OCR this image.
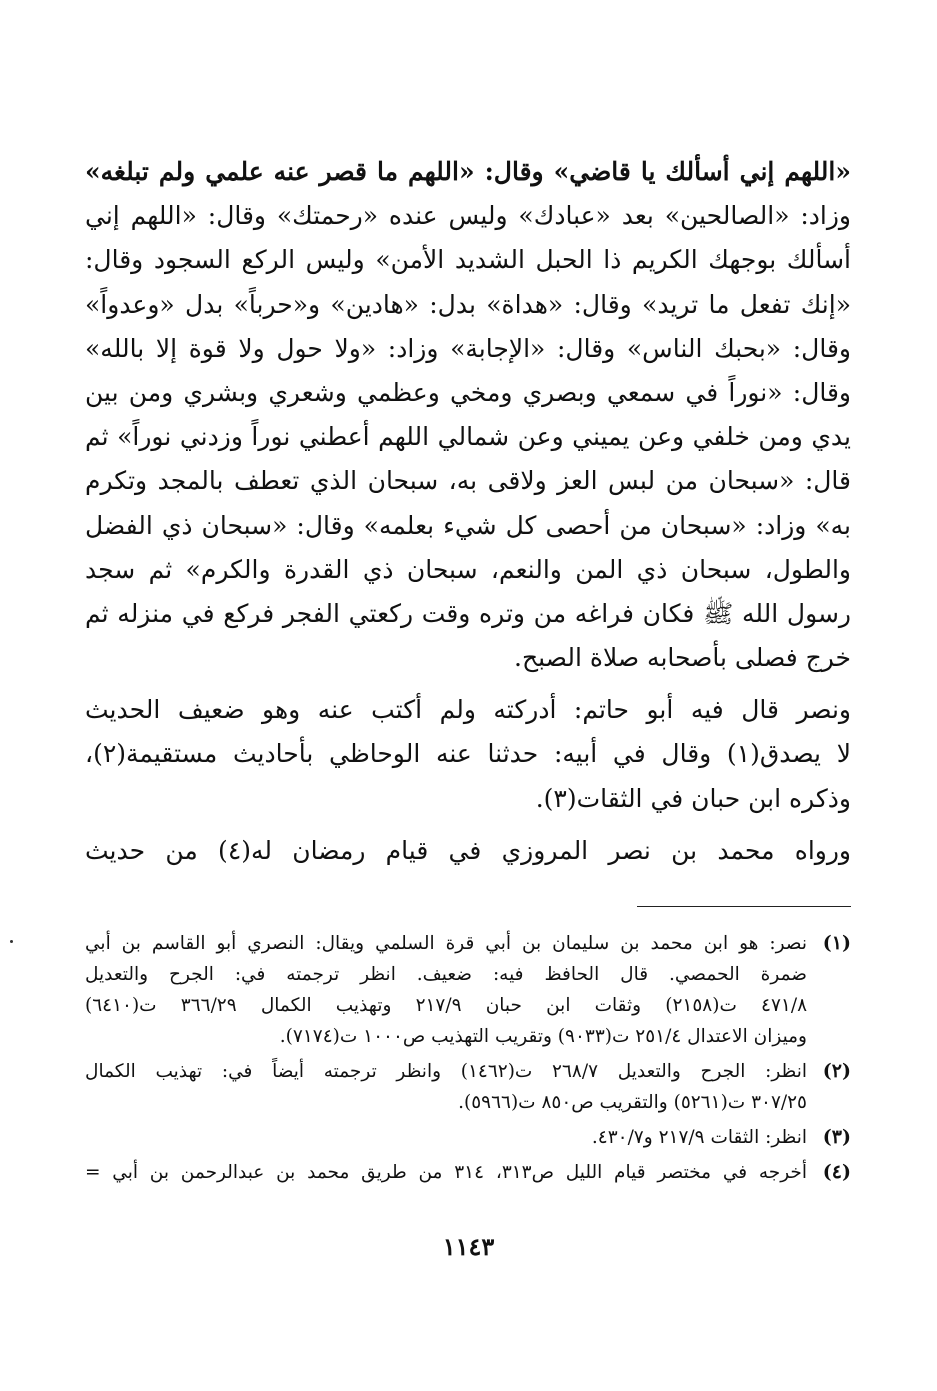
«اللهم إني أسألك يا قاضي» وقال: «اللهم ما قصر عنه علمي ولم تبلغه»
وزاد: «الصالحين» بعد «عبادك» وليس عنده «رحمتك» وقال: «اللهم إني
أسألك بوجهك الكريم ذا الحبل الشديد الأمن» وليس الركع السجود وقال:
«إنك تفعل ما تريد» وقال: «هداة» بدل: «هادين» و«حرباً» بدل «وعدواً»
وقال: «بحبك الناس» وقال: «الإجابة» وزاد: «ولا حول ولا قوة إلا بالله»
وقال: «نوراً في سمعي وبصري ومخي وعظمي وشعري وبشري ومن بين
يدي ومن خلفي وعن يميني وعن شمالي اللهم أعطني نوراً وزدني نوراً» ثم
قال: «سبحان من لبس العز ولاقى به، سبحان الذي تعطف بالمجد وتكرم
به» وزاد: «سبحان من أحصى كل شيء بعلمه» وقال: «سبحان ذي الفضل
والطول، سبحان ذي المن والنعم، سبحان ذي القدرة والكرم» ثم سجد
رسول الله ﷺ فكان فراغه من وتره وقت ركعتي الفجر فركع في منزله ثم
خرج فصلى بأصحابه صلاة الصبح.
ونصر قال فيه أبو حاتم: أدركته ولم أكتب عنه وهو ضعيف الحديث
لا يصدق(١) وقال في أبيه: حدثنا عنه الوحاظي بأحاديث مستقيمة(٢)،
وذكره ابن حبان في الثقات(٣).
ورواه محمد بن نصر المروزي في قيام رمضان له(٤) من حديث
(١)
نصر: هو ابن محمد بن سليمان بن أبي قرة السلمي ويقال: النصري أبو القاسم بن أبي
ضمرة الحمصي. قال الحافظ فيه: ضعيف. انظر ترجمته في: الجرح والتعديل
٤٧١/٨ ت(٢١٥٨) وثقات ابن حبان ٢١٧/٩ وتهذيب الكمال ٣٦٦/٢٩ ت(٦٤١٠)
وميزان الاعتدال ٢٥١/٤ ت(٩٠٣٣) وتقريب التهذيب ص١٠٠٠ ت(٧١٧٤).
(٢)
انظر: الجرح والتعديل ٢٦٨/٧ ت(١٤٦٢) وانظر ترجمته أيضاً في: تهذيب الكمال
٣٠٧/٢٥ ت(٥٢٦١) والتقريب ص٨٥٠ ت(٥٩٦٦).
(٣)
انظر: الثقات ٢١٧/٩ و٤٣٠/٧.
(٤)
أخرجه في مختصر قيام الليل ص٣١٣، ٣١٤ من طريق محمد بن عبدالرحمن بن أبي =
١١٤٣
